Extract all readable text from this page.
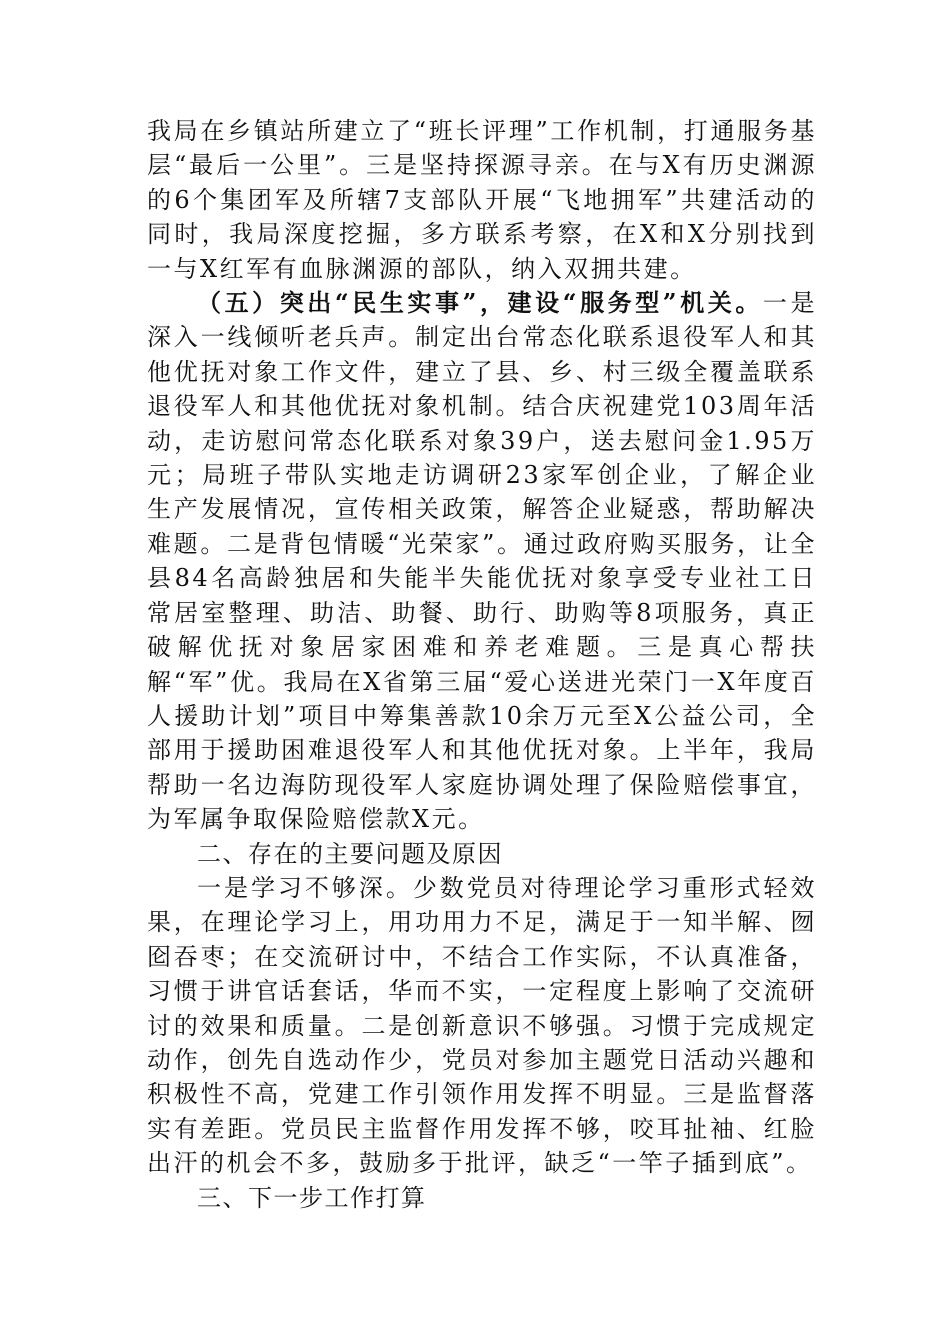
我局在乡镇站所建立了“班长评理”工作机制，打通服务基层“最后一公里”。三是坚持探源寻亲。在与X有历史渊源的6个集团军及所辖7支部队开展“飞地拥军”共建活动的同时，我局深度挖掘，多方联系考察，在X和X分别找到一与X红军有血脉渊源的部队，纳入双拥共建。

（五）突出“民生实事”，建设“服务型”机关。一是深入一线倾听老兵声。制定出台常态化联系退役军人和其他优抚对象工作文件，建立了县、乡、村三级全覆盖联系退役军人和其他优抚对象机制。结合庆祝建党103周年活动，走访慰问常态化联系对象39户，送去慰问金1.95万元；局班子带队实地走访调研23家军创企业，了解企业生产发展情况，宣传相关政策，解答企业疑惑，帮助解决难题。二是背包情暖“光荣家”。通过政府购买服务，让全县84名高龄独居和失能半失能优抚对象享受专业社工日常居室整理、助洁、助餐、助行、助购等8项服务，真正破解优抚对象居家困难和养老难题。三是真心帮扶解“军”优。我局在X省第三届“爱心送进光荣门一X年度百人援助计划”项目中筹集善款10余万元至X公益公司，全部用于援助困难退役军人和其他优抚对象。上半年，我局帮助一名边海防现役军人家庭协调处理了保险赔偿事宜，为军属争取保险赔偿款X元。

二、存在的主要问题及原因

一是学习不够深。少数党员对待理论学习重形式轻效果，在理论学习上，用功用力不足，满足于一知半解、囫囵吞枣；在交流研讨中，不结合工作实际，不认真准备，习惯于讲官话套话，华而不实，一定程度上影响了交流研讨的效果和质量。二是创新意识不够强。习惯于完成规定动作，创先自选动作少，党员对参加主题党日活动兴趣和积极性不高，党建工作引领作用发挥不明显。三是监督落实有差距。党员民主监督作用发挥不够，咬耳扯袖、红脸出汗的机会不多，鼓励多于批评，缺乏“一竿子插到底”。

三、下一步工作打算
